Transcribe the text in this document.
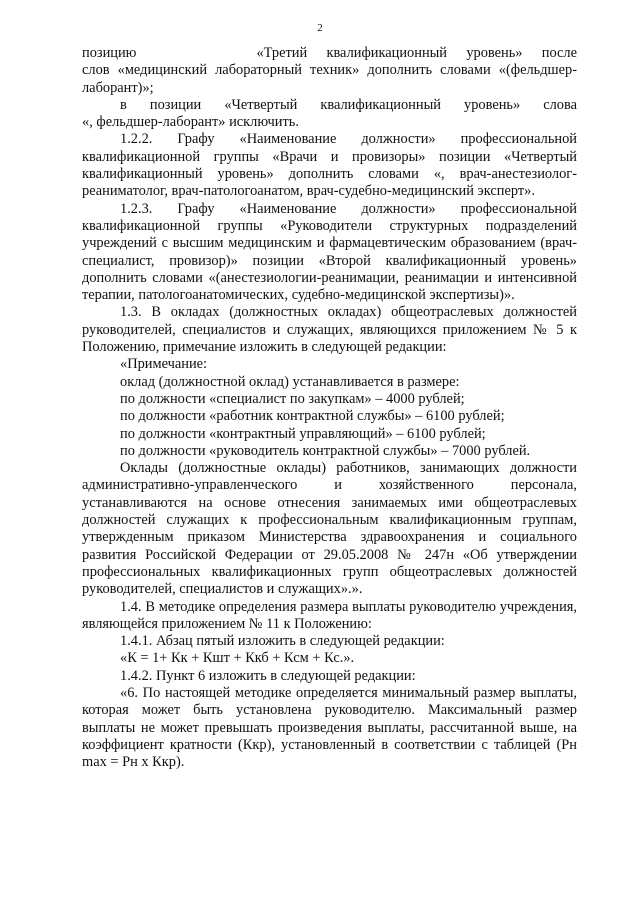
2

позицию	«Третий квалификационный уровень» после

слов «медицинский лабораторный техник» дополнить словами «(фельдшер-лаборант)»;

в позиции «Четвертый квалификационный уровень» слова

«, фельдшер-лаборант» исключить.

1.2.2. Графу «Наименование должности» профессиональной квалификационной группы «Врачи и провизоры» позиции «Четвертый квалификационный уровень» дополнить словами «, врач-анестезиолог-реаниматолог, врач-патологоанатом, врач-судебно-медицинский эксперт».

1.2.3. Графу «Наименование должности» профессиональной квалификационной группы «Руководители структурных подразделений учреждений с высшим медицинским и фармацевтическим образованием (врач-специалист, провизор)» позиции «Второй квалификационный уровень» дополнить словами «(анестезиологии-реанимации, реанимации и интенсивной терапии, патологоанатомических, судебно-медицинской экспертизы)».

1.3. В окладах (должностных окладах) общеотраслевых должностей руководителей, специалистов и служащих, являющихся приложением № 5 к Положению, примечание изложить в следующей редакции:

«Примечание:

оклад (должностной оклад) устанавливается в размере:

по должности «специалист по закупкам» – 4000 рублей;

по должности «работник контрактной службы» – 6100 рублей;

по должности «контрактный управляющий» – 6100 рублей;

по должности «руководитель контрактной службы» – 7000 рублей.

Оклады (должностные оклады) работников, занимающих должности административно-управленческого и хозяйственного персонала, устанавливаются на основе отнесения занимаемых ими общеотраслевых должностей служащих к профессиональным квалификационным группам, утвержденным приказом Министерства здравоохранения и социального развития Российской Федерации от 29.05.2008 № 247н «Об утверждении профессиональных квалификационных групп общеотраслевых должностей руководителей, специалистов и служащих».».

1.4. В методике определения размера выплаты руководителю учреждения, являющейся приложением № 11 к Положению:

1.4.1. Абзац пятый изложить в следующей редакции:

«К = 1+ Кк + Кшт + Ккб + Ксм + Кс.».

1.4.2. Пункт 6 изложить в следующей редакции:

«6. По настоящей методике определяется минимальный размер выплаты, которая может быть установлена руководителю. Максимальный размер выплаты не может превышать произведения выплаты, рассчитанной выше, на коэффициент кратности (Ккр), установленный в соответствии с таблицей (Рн max = Рн х Ккр).
